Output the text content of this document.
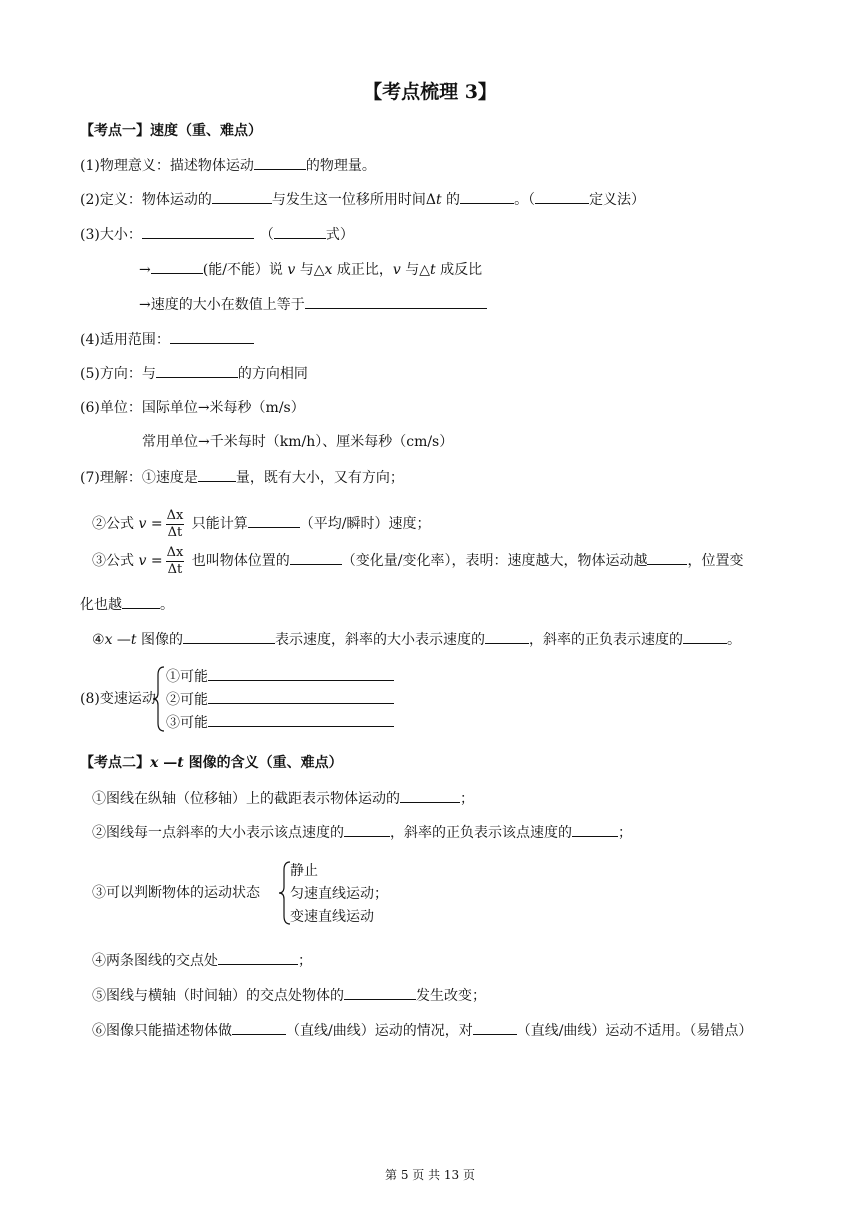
【考点梳理 3】
【考点一】速度（重、难点）
(1)物理意义：描述物体运动	的物理量。
(2)定义：物体运动的	与发生这一位移所用时间Δt 的	。（	定义法）
(3)大小：	（	式）
→	(能/不能）说 v 与△x 成正比，v 与△t 成反比
→速度的大小在数值上等于
(4)适用范围：
(5)方向：与	的方向相同
(6)单位：国际单位→米每秒（m/s）
常用单位→千米每时（km/h）、厘米每秒（cm/s）
(7)理解：①速度是	量，既有大小，又有方向；
②公式 $v = \frac{\Delta x}{\Delta t}$ 只能计算	（平均/瞬时）速度；
③公式 $v = \frac{\Delta x}{\Delta t}$ 也叫物体位置的	（变化量/变化率），表明：速度越大，物体运动越	，位置变
化也越	。
④x —t 图像的	表示速度，斜率的大小表示速度的	，斜率的正负表示速度的	。
(8)变速运动
①可能
②可能
③可能
【考点二】x —t 图像的含义（重、难点）
①图线在纵轴（位移轴）上的截距表示物体运动的	；
②图线每一点斜率的大小表示该点速度的	，斜率的正负表示该点速度的	；
③可以判断物体的运动状态
静止
匀速直线运动；
变速直线运动
④两条图线的交点处	；
⑤图线与横轴（时间轴）的交点处物体的	发生改变；
⑥图像只能描述物体做	（直线/曲线）运动的情况，对	（直线/曲线）运动不适用。（易错点）
第 5 页 共 13 页
